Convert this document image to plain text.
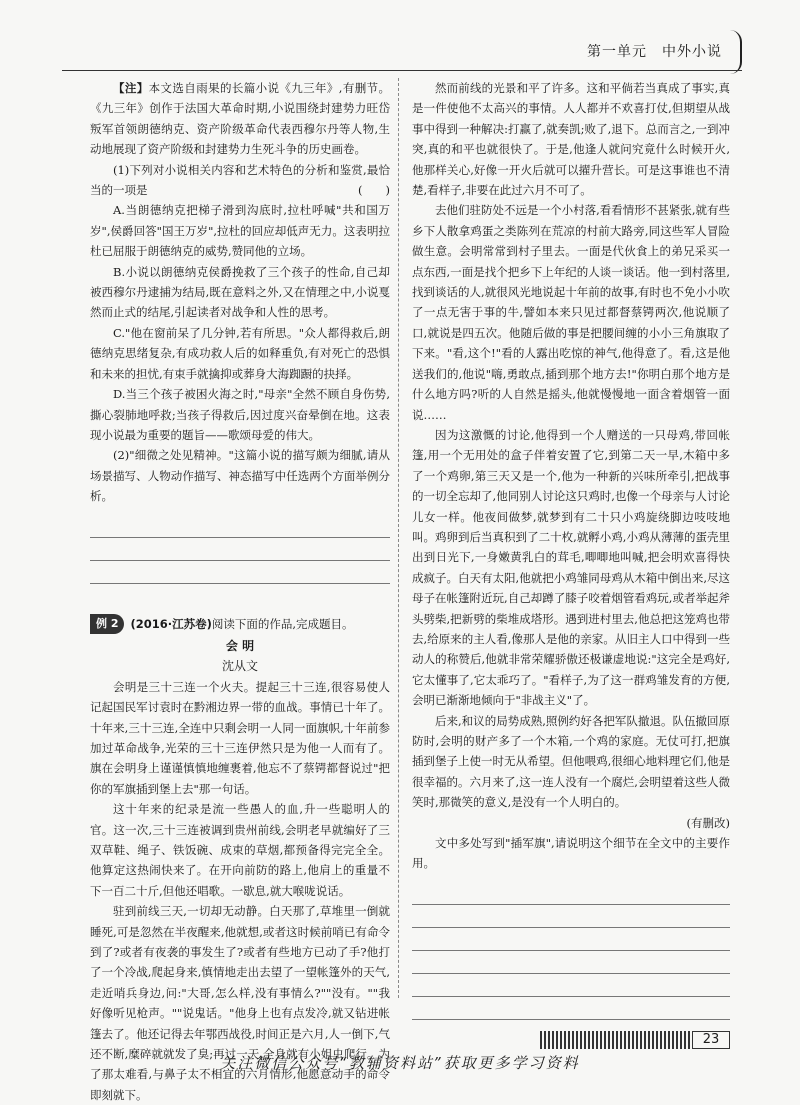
第一单元　中外小说

【注】本文选自雨果的长篇小说《九三年》,有删节。《九三年》创作于法国大革命时期,小说围绕封建势力旺岱叛军首领朗德纳克、资产阶级革命代表西穆尔丹等人物,生动地展现了资产阶级和封建势力生死斗争的历史画卷。

(1)下列对小说相关内容和艺术特色的分析和鉴赏,最恰当的一项是	(　　)

A.当朗德纳克把梯子滑到沟底时,拉杜呼喊"共和国万岁",侯爵回答"国王万岁",拉杜的回应却低声无力。这表明拉杜已屈服于朗德纳克的威势,赞同他的立场。

B.小说以朗德纳克侯爵挽救了三个孩子的性命,自己却被西穆尔丹逮捕为结局,既在意料之外,又在情理之中,小说戛然而止式的结尾,引起读者对战争和人性的思考。

C."他在窗前呆了几分钟,若有所思。"众人都得救后,朗德纳克思绪复杂,有成功救人后的如释重负,有对死亡的恐惧和未来的担忧,有束手就擒抑或葬身大海踟蹰的抉择。

D.当三个孩子被困火海之时,"母亲"全然不顾自身伤势,撕心裂肺地呼救;当孩子得救后,因过度兴奋晕倒在地。这表现小说最为重要的题旨——歌颂母爱的伟大。

(2)"细微之处见精神。"这篇小说的描写颇为细腻,请从场景描写、人物动作描写、神态描写中任选两个方面举例分析。

例 2	(2016·江苏卷) 阅读下面的作品,完成题目。
会 明
沈从文

会明是三十三连一个火夫。提起三十三连,很容易使人记起国民军讨袁时在黔湘边界一带的血战。事情已十年了。十年来,三十三连,全连中只剩会明一人同一面旗帜,十年前参加过革命战争,光荣的三十三连伊然只是为他一人而有了。旗在会明身上谨谨慎慎地缠裹着,他忘不了蔡锷都督说过"把你的军旗插到堡上去"那一句话。

这十年来的纪录是流一些愚人的血,升一些聪明人的官。这一次,三十三连被调到贵州前线,会明老早就编好了三双草鞋、绳子、铁饭碗、成束的草烟,都预备得完完全全。他算定这热闹快来了。在开向前防的路上,他肩上的重量不下一百二十斤,但他还唱歌。一歇息,就大喉咙说话。

驻到前线三天,一切却无动静。白天那了,草堆里一倒就睡死,可是忽然在半夜醒来,他就想,或者这时候前哨已有命令到了?或者有夜袭的事发生了?或者有些地方已动了手?他打了一个冷战,爬起身来,慎情地走出去望了一望帐篷外的天气,走近哨兵身边,问:"大哥,怎么样,没有事情么?""没有。""我好像听见枪声。""说鬼话。"他身上也有点发冷,就又钻进帐篷去了。他还记得去年鄂西战役,时间正是六月,人一倒下,气还不断,糜碎就就发了臭;再过一天,全身就有小姐虫爬行。为了那太难看,与鼻子太不相宜的六月情形,他愿意动手的命令即刻就下。

然而前线的光景和平了许多。这和平倘若当真成了事实,真是一件使他不太高兴的事情。人人都并不欢喜打仗,但期望从战事中得到一种解决:打赢了,就奏凯;败了,退下。总而言之,一到冲突,真的和平也就很快了。于是,他逢人就问究竟什么时候开火,他那样关心,好像一开火后就可以擢升营长。可是这事谁也不清楚,看样子,非要在此过六月不可了。

去他们驻防处不远是一个小村落,看看情形不甚紧张,就有些乡下人散拿鸡蛋之类陈列在荒凉的村前大路旁,同这些军人冒险做生意。会明常常到村子里去。一面是代伙食上的弟兄采买一点东西,一面是找个把乡下上年纪的人谈一谈话。他一到村落里,找到谈话的人,就很风光地说起十年前的故事,有时也不免小小吹了一点无害于事的牛,譬如本来只见过都督蔡锷两次,他说顺了口,就说是四五次。他随后做的事是把腰间缠的小小三角旗取了下来。"看,这个!"看的人露出吃惊的神气,他得意了。看,这是他送我们的,他说"嗨,勇敢点,插到那个地方去!"你明白那个地方是什么地方吗?听的人自然是摇头,他就慢慢地一面含着烟管一面说……

因为这激慨的讨论,他得到一个人赠送的一只母鸡,带回帐篷,用一个无用处的盒子伴着安置了它,到第二天一早,木箱中多了一个鸡卵,第三天又是一个,他为一种新的兴味所牵引,把战事的一切全忘却了,他同别人讨论这只鸡时,也像一个母亲与人讨论儿女一样。他夜间做梦,就梦到有二十只小鸡旋绕脚边吱吱地叫。鸡卵到后当真积到了二十枚,就孵小鸡,小鸡从薄薄的蛋壳里出到日光下,一身嫩黄乳白的茸毛,唧唧地叫喊,把会明欢喜得快成疯子。白天有太阳,他就把小鸡雏同母鸡从木箱中倒出来,尽这母子在帐篷附近玩,自己却蹲了膝子咬着烟管看鸡玩,或者举起斧头劈柴,把新劈的柴堆成塔形。遇到进村里去,他总把这笼鸡也带去,给原来的主人看,像那人是他的亲家。从旧主人口中得到一些动人的称赞后,他就非常荣耀骄傲还极谦虚地说:"这完全是鸡好,它太懂事了,它太乖巧了。"看样子,为了这一群鸡雏发育的方便,会明已渐渐地倾向于"非战主义"了。

后来,和议的局势成熟,照例约好各把军队撤退。队伍撤回原防时,会明的财产多了一个木箱,一个鸡的家庭。无仗可打,把旗插到堡子上使一时无从希望。但他喂鸡,很细心地料理它们,他是很幸福的。六月来了,这一连人没有一个腐烂,会明望着这些人微笑时,那微笑的意义,是没有一个人明白的。

(有删改)

文中多处写到"插军旗",请说明这个细节在全文中的主要作用。

23
关注微信公众号“教辅资料站”获取更多学习资料
